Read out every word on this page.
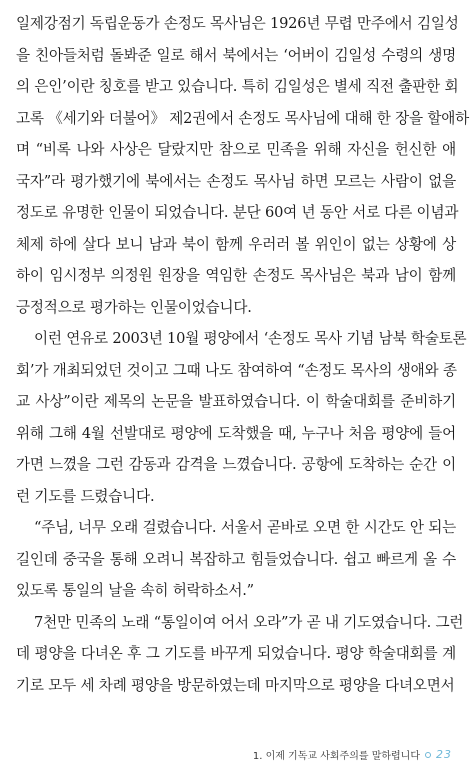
일제강점기 독립운동가 손정도 목사님은 1926년 무렵 만주에서 김일성
을 친아들처럼 돌봐준 일로 해서 북에서는 ‘어버이 김일성 수령의 생명
의 은인’이란 칭호를 받고 있습니다. 특히 김일성은 별세 직전 출판한 회
고록 《세기와 더불어》 제2권에서 손정도 목사님에 대해 한 장을 할애하
며 “비록 나와 사상은 달랐지만 참으로 민족을 위해 자신을 헌신한 애
국자”라 평가했기에 북에서는 손정도 목사님 하면 모르는 사람이 없을
정도로 유명한 인물이 되었습니다. 분단 60여 년 동안 서로 다른 이념과
체제 하에 살다 보니 남과 북이 함께 우러러 볼 위인이 없는 상황에 상
하이 임시정부 의정원 원장을 역임한 손정도 목사님은 북과 남이 함께
긍정적으로 평가하는 인물이었습니다.

이런 연유로 2003년 10월 평양에서 ‘손정도 목사 기념 남북 학술토론
회’가 개최되었던 것이고 그때 나도 참여하여 “손정도 목사의 생애와 종
교 사상”이란 제목의 논문을 발표하였습니다. 이 학술대회를 준비하기
위해 그해 4월 선발대로 평양에 도착했을 때, 누구나 처음 평양에 들어
가면 느꼈을 그런 감동과 감격을 느꼈습니다. 공항에 도착하는 순간 이
런 기도를 드렸습니다.

“주님, 너무 오래 걸렸습니다. 서울서 곧바로 오면 한 시간도 안 되는
길인데 중국을 통해 오려니 복잡하고 힘들었습니다. 쉽고 빠르게 올 수
있도록 통일의 날을 속히 허락하소서.”

7천만 민족의 노래 “통일이여 어서 오라”가 곧 내 기도였습니다. 그런
데 평양을 다녀온 후 그 기도를 바꾸게 되었습니다. 평양 학술대회를 계
기로 모두 세 차례 평양을 방문하였는데 마지막으로 평양을 다녀오면서

1. 이제 기독교 사회주의를 말하렵니다 23
